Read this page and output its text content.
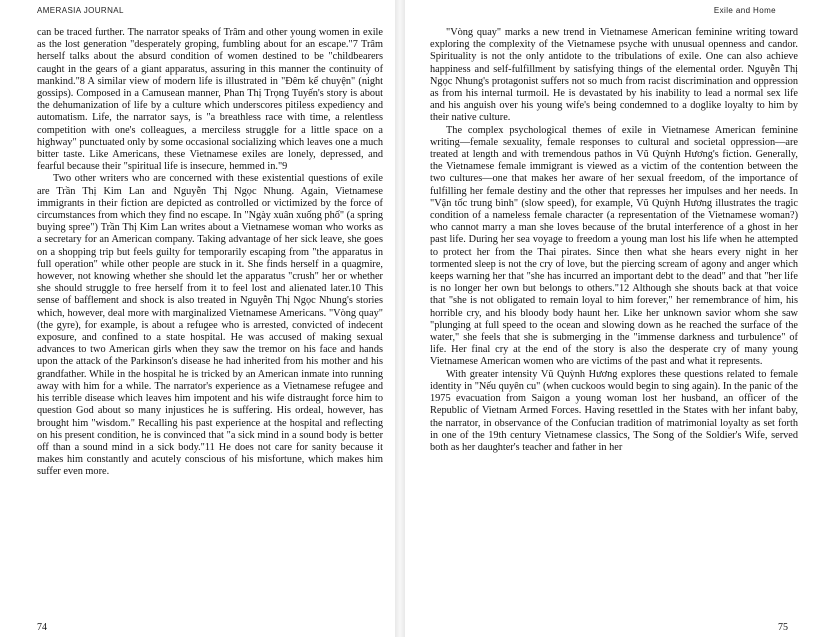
AMERASIA JOURNAL

can be traced further. The narrator speaks of Trâm and other young women in exile as the lost generation "desperately groping, fumbling about for an escape."7 Trâm herself talks about the absurd condition of women destined to be "childbearers caught in the gears of a giant apparatus, assuring in this manner the continuity of mankind."8 A similar view of modern life is illustrated in "Đêm kể chuyện" (night gossips). Composed in a Camusean manner, Phan Thị Trọng Tuyến's story is about the dehumanization of life by a culture which underscores pitiless expediency and automatism. Life, the narrator says, is "a breathless race with time, a relentless competition with one's colleagues, a merciless struggle for a little space on a highway" punctuated only by some occasional socializing which leaves one a much bitter taste. Like Americans, these Vietnamese exiles are lonely, depressed, and fearful because their "spiritual life is insecure, hemmed in."9

Two other writers who are concerned with these existential questions of exile are Trần Thị Kim Lan and Nguyễn Thị Ngọc Nhung. Again, Vietnamese immigrants in their fiction are depicted as controlled or victimized by the force of circumstances from which they find no escape. In "Ngày xuân xuống phố" (a spring buying spree") Trần Thị Kim Lan writes about a Vietnamese woman who works as a secretary for an American company. Taking advantage of her sick leave, she goes on a shopping trip but feels guilty for temporarily escaping from "the apparatus in full operation" while other people are stuck in it. She finds herself in a quagmire, however, not knowing whether she should let the apparatus "crush" her or whether she should struggle to free herself from it to feel lost and alienated later.10 This sense of bafflement and shock is also treated in Nguyễn Thị Ngọc Nhung's stories which, however, deal more with marginalized Vietnamese Americans. "Vòng quay" (the gyre), for example, is about a refugee who is arrested, convicted of indecent exposure, and confined to a state hospital. He was accused of making sexual advances to two American girls when they saw the tremor on his face and hands upon the attack of the Parkinson's disease he had inherited from his mother and his grandfather. While in the hospital he is tricked by an American inmate into running away with him for a while. The narrator's experience as a Vietnamese refugee and his terrible disease which leaves him impotent and his wife distraught force him to question God about so many injustices he is suffering. His ordeal, however, has brought him "wisdom." Recalling his past experience at the hospital and reflecting on his present condition, he is convinced that "a sick mind in a sound body is better off than a sound mind in a sick body."11 He does not care for sanity because it makes him constantly and acutely conscious of his misfortune, which makes him suffer even more.

74
Exile and Home

"Vòng quay" marks a new trend in Vietnamese American feminine writing toward exploring the complexity of the Vietnamese psyche with unusual openness and candor. Spirituality is not the only antidote to the tribulations of exile. One can also achieve happiness and self-fulfillment by satisfying things of the elemental order. Nguyễn Thị Ngọc Nhung's protagonist suffers not so much from racist discrimination and oppression as from his internal turmoil. He is devastated by his inability to lead a normal sex life and his anguish over his young wife's being condemned to a doglike loyalty to him by their native culture.

The complex psychological themes of exile in Vietnamese American feminine writing—female sexuality, female responses to cultural and societal oppression—are treated at length and with tremendous pathos in Vũ Quỳnh Hương's fiction. Generally, the Vietnamese female immigrant is viewed as a victim of the contention between the two cultures—one that makes her aware of her sexual freedom, of the importance of fulfilling her female destiny and the other that represses her impulses and her needs. In "Vận tốc trung bình" (slow speed), for example, Vũ Quỳnh Hương illustrates the tragic condition of a nameless female character (a representation of the Vietnamese woman?) who cannot marry a man she loves because of the brutal interference of a ghost in her past life. During her sea voyage to freedom a young man lost his life when he attempted to protect her from the Thai pirates. Since then what she hears every night in her tormented sleep is not the cry of love, but the piercing scream of agony and anger which keeps warning her that "she has incurred an important debt to the dead" and that "her life is no longer her own but belongs to others."12 Although she shouts back at that voice that "she is not obligated to remain loyal to him forever," her remembrance of him, his horrible cry, and his bloody body haunt her. Like her unknown savior whom she saw "plunging at full speed to the ocean and slowing down as he reached the surface of the water," she feels that she is submerging in the "immense darkness and turbulence" of life. Her final cry at the end of the story is also the desperate cry of many young Vietnamese American women who are victims of the past and what it represents.

With greater intensity Vũ Quỳnh Hương explores these questions related to female identity in "Nếu quyên cu" (when cuckoos would begin to sing again). In the panic of the 1975 evacuation from Saigon a young woman lost her husband, an officer of the Republic of Vietnam Armed Forces. Having resettled in the States with her infant baby, the narrator, in observance of the Confucian tradition of matrimonial loyalty as set forth in one of the 19th century Vietnamese classics, The Song of the Soldier's Wife, served both as her daughter's teacher and father in her

75
